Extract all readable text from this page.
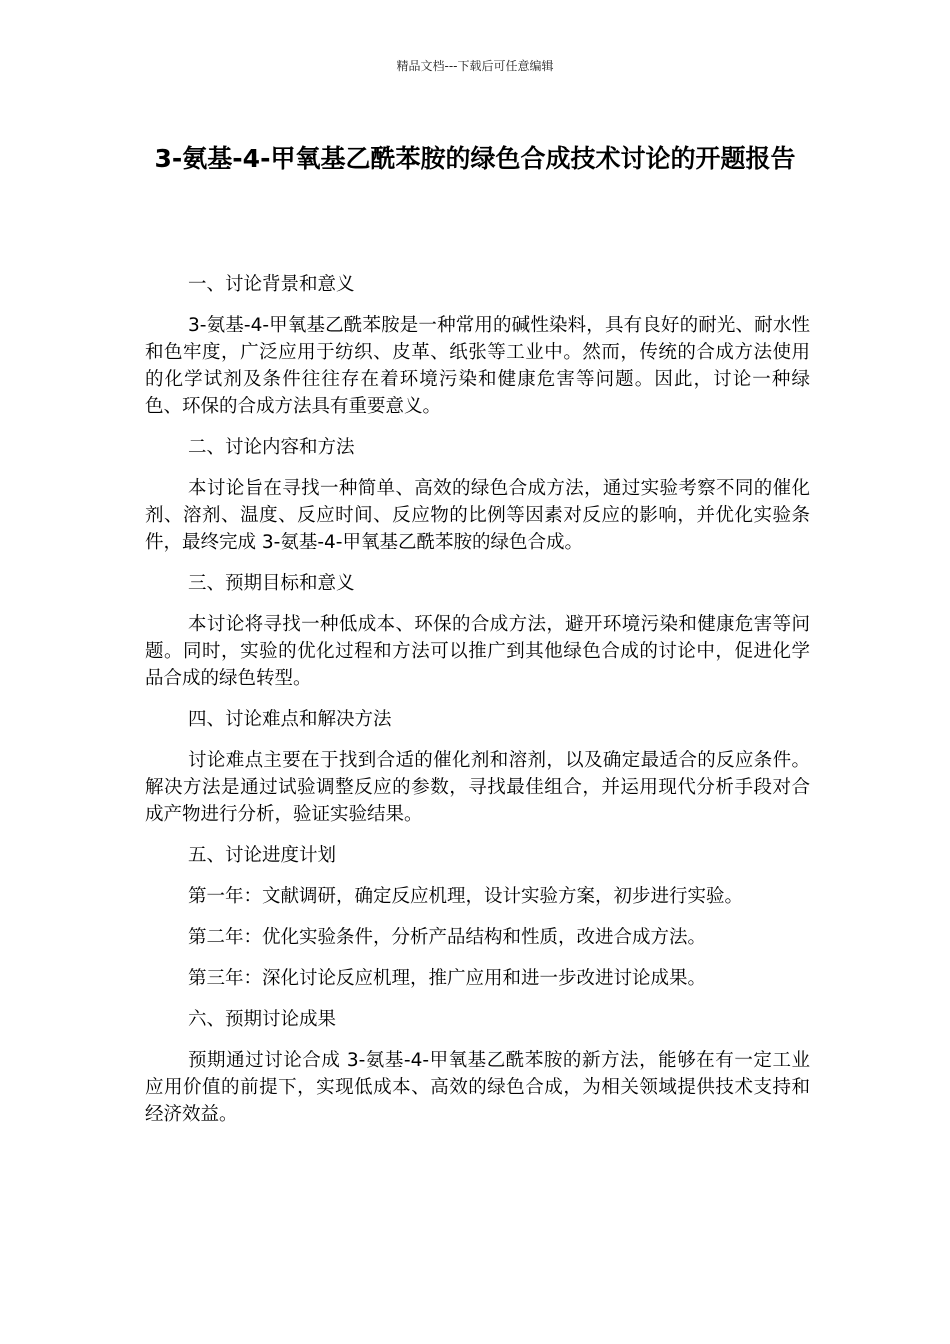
精品文档---下载后可任意编辑
3-氨基-4-甲氧基乙酰苯胺的绿色合成技术讨论的开题报告

一、讨论背景和意义

3-氨基-4-甲氧基乙酰苯胺是一种常用的碱性染料，具有良好的耐光、耐水性和色牢度，广泛应用于纺织、皮革、纸张等工业中。然而，传统的合成方法使用的化学试剂及条件往往存在着环境污染和健康危害等问题。因此，讨论一种绿色、环保的合成方法具有重要意义。

二、讨论内容和方法

本讨论旨在寻找一种简单、高效的绿色合成方法，通过实验考察不同的催化剂、溶剂、温度、反应时间、反应物的比例等因素对反应的影响，并优化实验条件，最终完成 3-氨基-4-甲氧基乙酰苯胺的绿色合成。

三、预期目标和意义

本讨论将寻找一种低成本、环保的合成方法，避开环境污染和健康危害等问题。同时，实验的优化过程和方法可以推广到其他绿色合成的讨论中，促进化学品合成的绿色转型。

四、讨论难点和解决方法

讨论难点主要在于找到合适的催化剂和溶剂，以及确定最适合的反应条件。解决方法是通过试验调整反应的参数，寻找最佳组合，并运用现代分析手段对合成产物进行分析，验证实验结果。

五、讨论进度计划

第一年：文献调研，确定反应机理，设计实验方案，初步进行实验。

第二年：优化实验条件，分析产品结构和性质，改进合成方法。

第三年：深化讨论反应机理，推广应用和进一步改进讨论成果。

六、预期讨论成果

预期通过讨论合成 3-氨基-4-甲氧基乙酰苯胺的新方法，能够在有一定工业应用价值的前提下，实现低成本、高效的绿色合成，为相关领域提供技术支持和经济效益。
